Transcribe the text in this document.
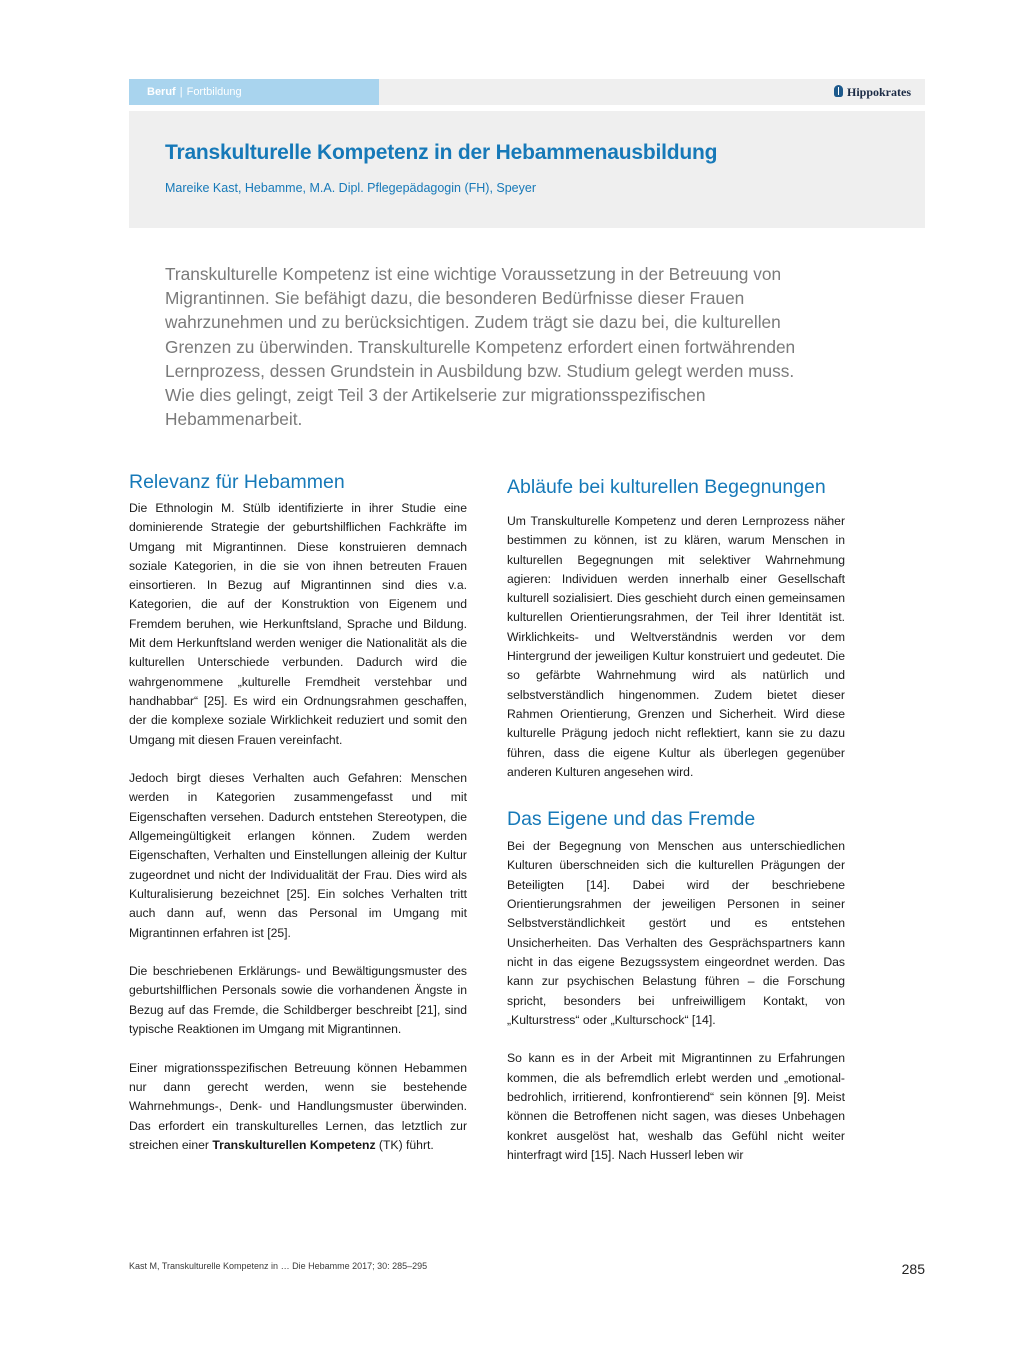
Beruf | Fortbildung	Hippokrates
Transkulturelle Kompetenz in der Hebammenausbildung
Mareike Kast, Hebamme, M.A. Dipl. Pflegepädagogin (FH), Speyer
Transkulturelle Kompetenz ist eine wichtige Voraussetzung in der Betreuung von Migrantinnen. Sie befähigt dazu, die besonderen Bedürfnisse dieser Frauen wahrzunehmen und zu berücksichtigen. Zudem trägt sie dazu bei, die kulturellen Grenzen zu überwinden. Transkulturelle Kompetenz erfordert einen fortwährenden Lernprozess, dessen Grundstein in Ausbildung bzw. Studium gelegt werden muss. Wie dies gelingt, zeigt Teil 3 der Artikelserie zur migrationsspezifischen Hebammenarbeit.
Relevanz für Hebammen

Die Ethnologin M. Stülb identifizierte in ihrer Studie eine dominierende Strategie der geburtshilflichen Fachkräfte im Umgang mit Migrantinnen. Diese konstruieren demnach soziale Kategorien, in die sie von ihnen betreuten Frauen einsortieren. In Bezug auf Migrantinnen sind dies v.a. Kategorien, die auf der Konstruktion von Eigenem und Fremdem beruhen, wie Herkunftsland, Sprache und Bildung. Mit dem Herkunftsland werden weniger die Nationalität als die kulturellen Unterschiede verbunden. Dadurch wird die wahrgenommene „kulturelle Fremdheit verstehbar und handhabbar“ [25]. Es wird ein Ordnungsrahmen geschaffen, der die komplexe soziale Wirklichkeit reduziert und somit den Umgang mit diesen Frauen vereinfacht.

Jedoch birgt dieses Verhalten auch Gefahren: Menschen werden in Kategorien zusammengefasst und mit Eigenschaften versehen. Dadurch entstehen Stereotypen, die Allgemeingültigkeit erlangen können. Zudem werden Eigenschaften, Verhalten und Einstellungen alleinig der Kultur zugeordnet und nicht der Individualität der Frau. Dies wird als Kulturalisierung bezeichnet [25]. Ein solches Verhalten tritt auch dann auf, wenn das Personal im Umgang mit Migrantinnen erfahren ist [25].

Die beschriebenen Erklärungs- und Bewältigungsmuster des geburtshilflichen Personals sowie die vorhandenen Ängste in Bezug auf das Fremde, die Schildberger beschreibt [21], sind typische Reaktionen im Umgang mit Migrantinnen.

Einer migrationsspezifischen Betreuung können Hebammen nur dann gerecht werden, wenn sie bestehende Wahrnehmungs-, Denk- und Handlungsmuster überwinden. Das erfordert ein transkulturelles Lernen, das letztlich zur streichen einer Transkulturellen Kompetenz (TK) führt.

Abläufe bei kulturellen Begegnungen

Um Transkulturelle Kompetenz und deren Lernprozess näher bestimmen zu können, ist zu klären, warum Menschen in kulturellen Begegnungen mit selektiver Wahrnehmung agieren: Individuen werden innerhalb einer Gesellschaft kulturell sozialisiert. Dies geschieht durch einen gemeinsamen kulturellen Orientierungsrahmen, der Teil ihrer Identität ist. Wirklichkeits- und Weltverständnis werden vor dem Hintergrund der jeweiligen Kultur konstruiert und gedeutet. Die so gefärbte Wahrnehmung wird als natürlich und selbstverständlich hingenommen. Zudem bietet dieser Rahmen Orientierung, Grenzen und Sicherheit. Wird diese kulturelle Prägung jedoch nicht reflektiert, kann sie zu dazu führen, dass die eigene Kultur als überlegen gegenüber anderen Kulturen angesehen wird.

Das Eigene und das Fremde

Bei der Begegnung von Menschen aus unterschiedlichen Kulturen überschneiden sich die kulturellen Prägungen der Beteiligten [14]. Dabei wird der beschriebene Orientierungsrahmen der jeweiligen Personen in seiner Selbstverständlichkeit gestört und es entstehen Unsicherheiten. Das Verhalten des Gesprächspartners kann nicht in das eigene Bezugssystem eingeordnet werden. Das kann zur psychischen Belastung führen – die Forschung spricht, besonders bei unfreiwilligem Kontakt, von „Kulturstress“ oder „Kulturschock“ [14].

So kann es in der Arbeit mit Migrantinnen zu Erfahrungen kommen, die als befremdlich erlebt werden und „emotional-bedrohlich, irritierend, konfrontierend“ sein können [9]. Meist können die Betroffenen nicht sagen, was dieses Unbehagen konkret ausgelöst hat, weshalb das Gefühl nicht weiter hinterfragt wird [15]. Nach Husserl leben wir

Kast M, Transkulturelle Kompetenz in … Die Hebamme 2017; 30: 285–295	285
